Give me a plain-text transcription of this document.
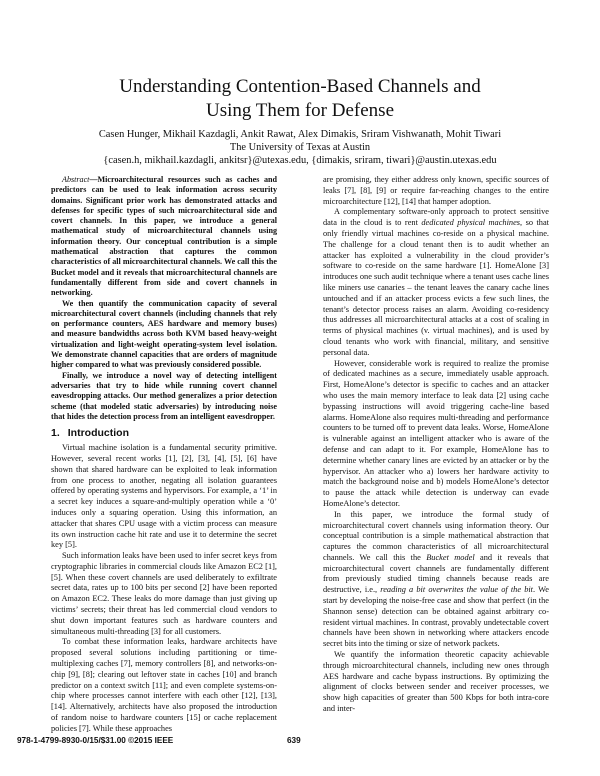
Understanding Contention-Based Channels and
Using Them for Defense
Casen Hunger, Mikhail Kazdagli, Ankit Rawat, Alex Dimakis, Sriram Vishwanath, Mohit Tiwari
The University of Texas at Austin
{casen.h, mikhail.kazdagli, ankitsr}@utexas.edu, {dimakis, sriram, tiwari}@austin.utexas.edu

Abstract—Microarchitectural resources such as caches and predictors can be used to leak information across security domains. Significant prior work has demonstrated attacks and defenses for specific types of such microarchitectural side and covert channels. In this paper, we introduce a general mathematical study of microarchitectural channels using information theory. Our conceptual contribution is a simple mathematical abstraction that captures the common characteristics of all microarchitectural channels. We call this the Bucket model and it reveals that microarchitectural channels are fundamentally different from side and covert channels in networking.

We then quantify the communication capacity of several microarchitectural covert channels (including channels that rely on performance counters, AES hardware and memory buses) and measure bandwidths across both KVM based heavy-weight virtualization and light-weight operating-system level isolation. We demonstrate channel capacities that are orders of magnitude higher compared to what was previously considered possible.

Finally, we introduce a novel way of detecting intelligent adversaries that try to hide while running covert channel eavesdropping attacks. Our method generalizes a prior detection scheme (that modeled static adversaries) by introducing noise that hides the detection process from an intelligent eavesdropper.

1. Introduction

Virtual machine isolation is a fundamental security primitive. However, several recent works [1], [2], [3], [4], [5], [6] have shown that shared hardware can be exploited to leak information from one process to another, negating all isolation guarantees offered by operating systems and hypervisors. For example, a ‘1’ in a secret key induces a square-and-multiply operation while a ‘0’ induces only a squaring operation. Using this information, an attacker that shares CPU usage with a victim process can measure its own instruction cache hit rate and use it to determine the secret key [5].

Such information leaks have been used to infer secret keys from cryptographic libraries in commercial clouds like Amazon EC2 [1], [5]. When these covert channels are used deliberately to exfiltrate secret data, rates up to 100 bits per second [2] have been reported on Amazon EC2. These leaks do more damage than just giving up victims’ secrets; their threat has led commercial cloud vendors to shut down important features such as hardware counters and simultaneous multi-threading [3] for all customers.

To combat these information leaks, hardware architects have proposed several solutions including partitioning or time-multiplexing caches [7], memory controllers [8], and networks-on-chip [9], [8]; clearing out leftover state in caches [10] and branch predictor on a context switch [11]; and even complete systems-on-chip where processes cannot interfere with each other [12], [13], [14]. Alternatively, architects have also proposed the introduction of random noise to hardware counters [15] or cache replacement policies [7]. While these approaches

are promising, they either address only known, specific sources of leaks [7], [8], [9] or require far-reaching changes to the entire microarchitecture [12], [14] that hamper adoption.

A complementary software-only approach to protect sensitive data in the cloud is to rent dedicated physical machines, so that only friendly virtual machines co-reside on a physical machine. The challenge for a cloud tenant then is to audit whether an attacker has exploited a vulnerability in the cloud provider’s software to co-reside on the same hardware [1]. HomeAlone [3] introduces one such audit technique where a tenant uses cache lines like miners use canaries – the tenant leaves the canary cache lines untouched and if an attacker process evicts a few such lines, the tenant’s detector process raises an alarm. Avoiding co-residency thus addresses all microarchitectural attacks at a cost of scaling in terms of physical machines (v. virtual machines), and is used by cloud tenants who work with financial, military, and sensitive personal data.

However, considerable work is required to realize the promise of dedicated machines as a secure, immediately usable approach. First, HomeAlone’s detector is specific to caches and an attacker who uses the main memory interface to leak data [2] using cache bypassing instructions will avoid triggering cache-line based alarms. HomeAlone also requires multi-threading and performance counters to be turned off to prevent data leaks. Worse, HomeAlone is vulnerable against an intelligent attacker who is aware of the defense and can adapt to it. For example, HomeAlone has to determine whether canary lines are evicted by an attacker or by the hypervisor. An attacker who a) lowers her hardware activity to match the background noise and b) models HomeAlone’s detector to pause the attack while detection is underway can evade HomeAlone’s detector.

In this paper, we introduce the formal study of microarchitectural covert channels using information theory. Our conceptual contribution is a simple mathematical abstraction that captures the common characteristics of all microarchitectural channels. We call this the Bucket model and it reveals that microarchitectural covert channels are fundamentally different from previously studied timing channels because reads are destructive, i.e., reading a bit overwrites the value of the bit. We start by developing the noise-free case and show that perfect (in the Shannon sense) detection can be obtained against arbitrary co-resident virtual machines. In contrast, provably undetectable covert channels have been shown in networking where attackers encode secret bits into the timing or size of network packets.

We quantify the information theoretic capacity achievable through microarchitectural channels, including new ones through AES hardware and cache bypass instructions. By optimizing the alignment of clocks between sender and receiver processes, we show high capacities of greater than 500 Kbps for both intra-core and inter-

978-1-4799-8930-0/15/$31.00 ©2015 IEEE	639
